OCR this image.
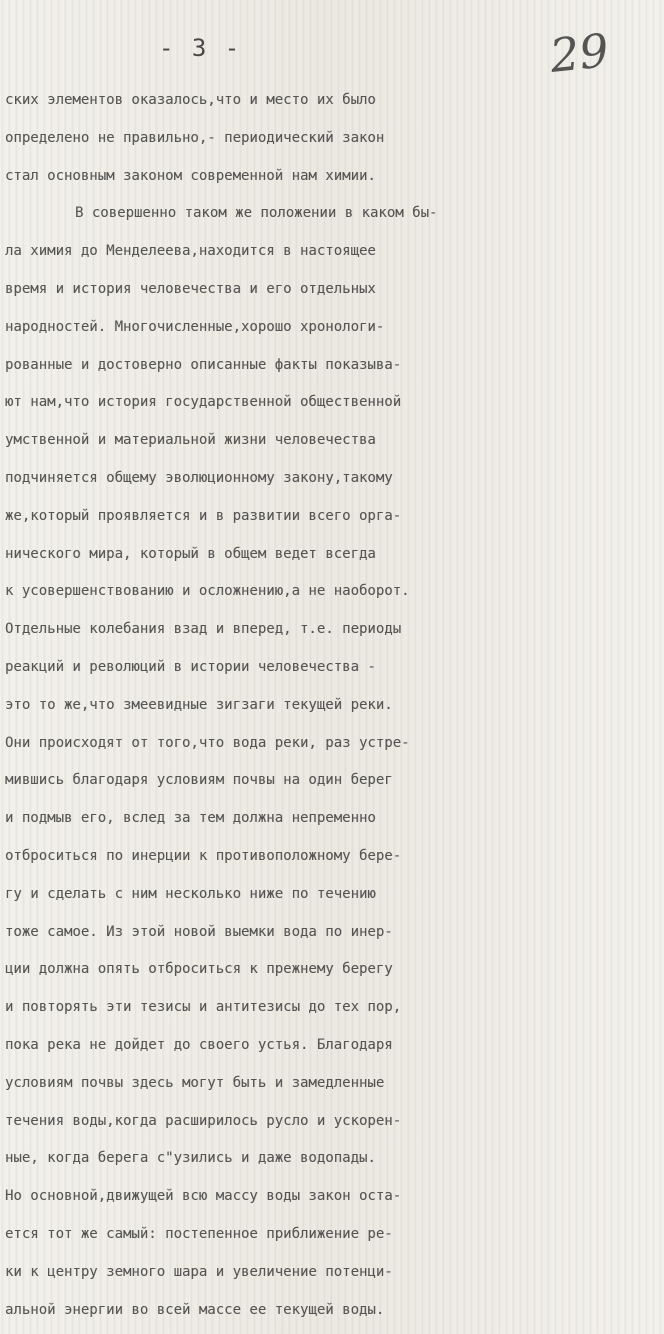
- 3 -	29
ских элементов оказалось,что и место их было
определено не правильно,- периодический закон
стал основным законом современной нам химии.
В совершенно таком же положении в каком бы-
ла химия до Менделеева,находится в настоящее
время и история человечества и его отдельных
народностей. Многочисленные,хорошо хронологи-
рованные и достоверно описанные факты показыва-
ют нам,что история государственной общественной
умственной и материальной жизни человечества
подчиняется общему эволюционному закону,такому
же,который проявляется и в развитии всего орга-
нического мира, который в общем ведет всегда
к усовершенствованию и осложнению,а не наоборот.
Отдельные колебания взад и вперед, т.е. периоды
реакций и революций в истории человечества -
это то же,что змеевидные зигзаги текущей реки.
Они происходят от того,что вода реки, раз устре-
мившись благодаря условиям почвы на один берег
и подмыв его, вслед за тем должна непременно
отброситься по инерции к противоположному бере-
гу и сделать с ним несколько ниже по течению
тоже самое. Из этой новой выемки вода по инер-
ции должна опять отброситься к прежнему берегу
и повторять эти тезисы и антитезисы до тех пор,
пока река не дойдет до своего устья. Благодаря
условиям почвы здесь могут быть и замедленные
течения воды,когда расширилось русло и ускорен-
ные, когда берега с"узились и даже водопады.
Но основной,движущей всю массу воды закон оста-
ется тот же самый: постепенное приближение ре-
ки к центру земного шара и увеличение потенци-
альной энергии во всей массе ее текущей воды.
